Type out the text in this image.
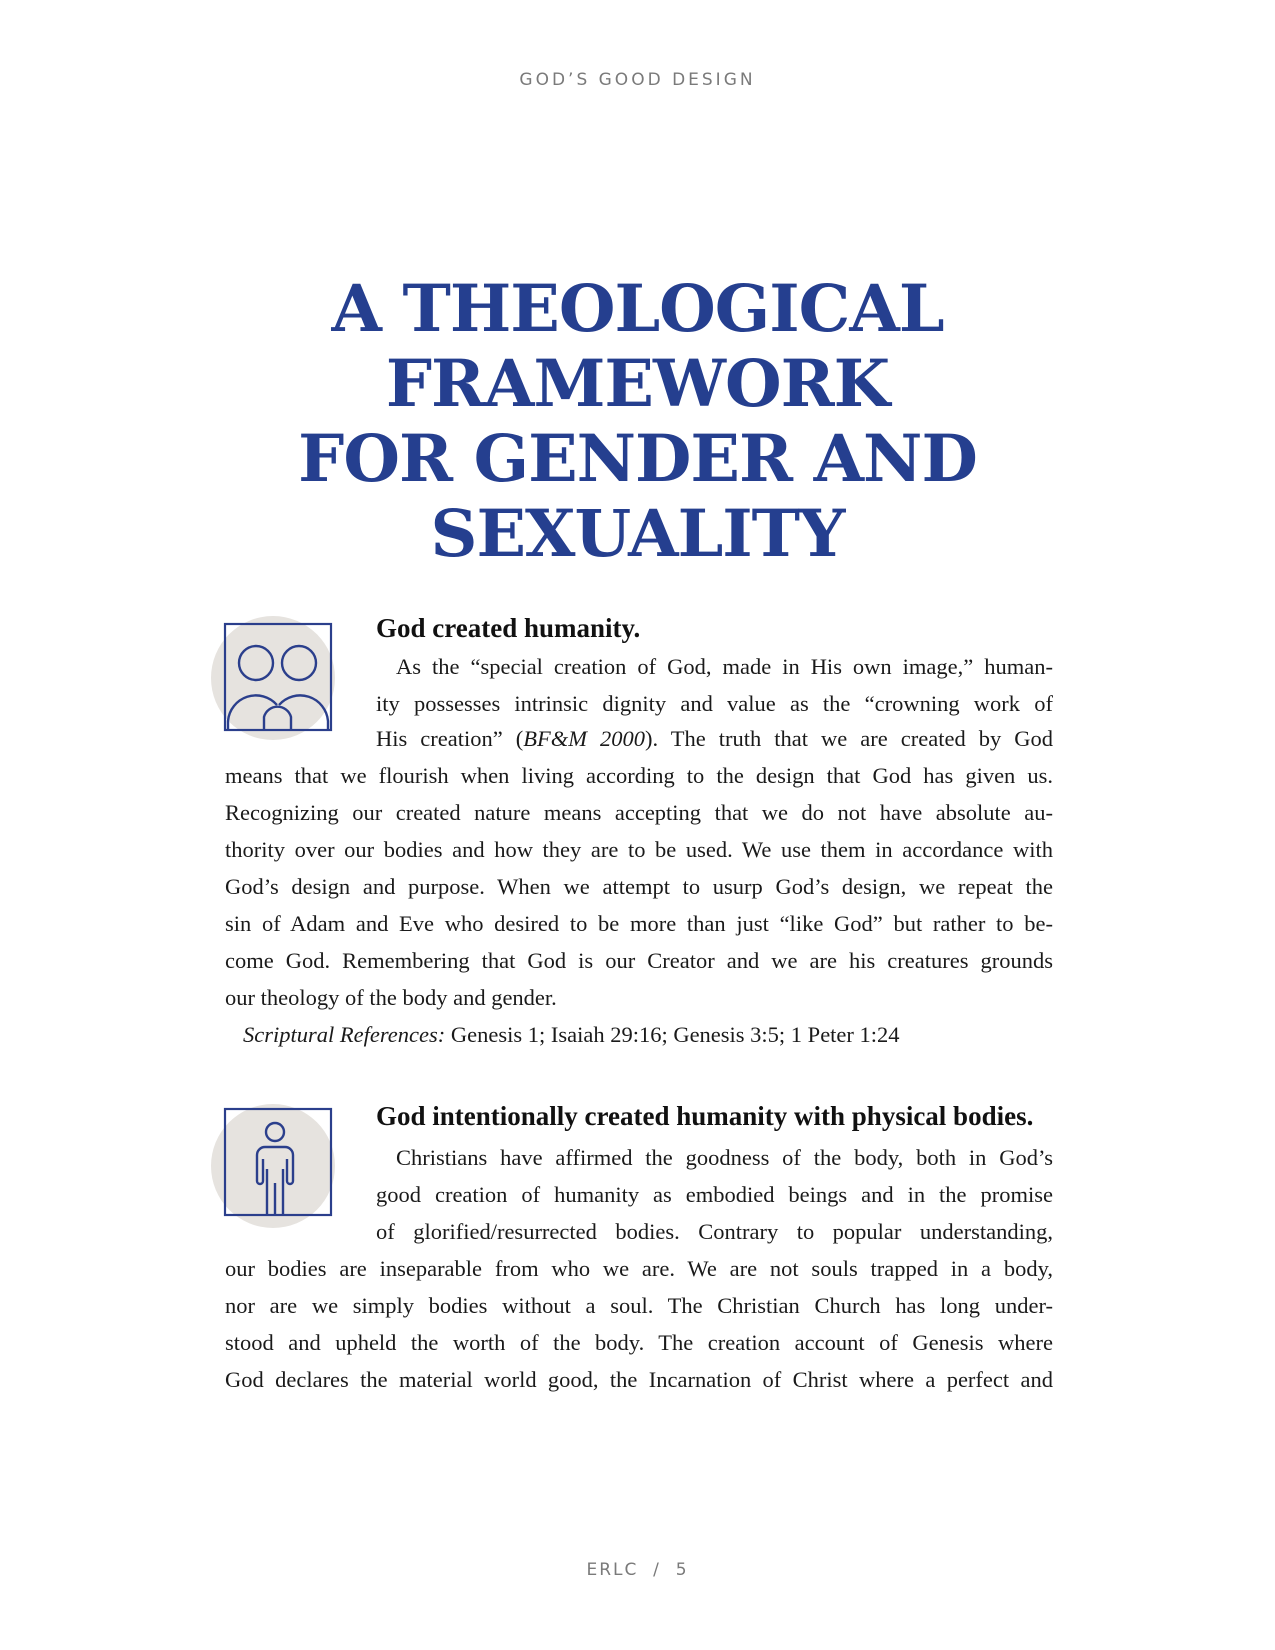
GOD’S GOOD DESIGN
A THEOLOGICAL
FRAMEWORK
FOR GENDER AND
SEXUALITY
God created humanity.
As the “special creation of God, made in His own image,” human-
ity possesses intrinsic dignity and value as the “crowning work of
His creation” (BF&M 2000). The truth that we are created by God
means that we flourish when living according to the design that God has given us.
Recognizing our created nature means accepting that we do not have absolute au-
thority over our bodies and how they are to be used. We use them in accordance with
God’s design and purpose. When we attempt to usurp God’s design, we repeat the
sin of Adam and Eve who desired to be more than just “like God” but rather to be-
come God. Remembering that God is our Creator and we are his creatures grounds
our theology of the body and gender.
Scriptural References: Genesis 1; Isaiah 29:16; Genesis 3:5; 1 Peter 1:24
God intentionally created humanity with physical bodies.
Christians have affirmed the goodness of the body, both in God’s
good creation of humanity as embodied beings and in the promise
of glorified/resurrected bodies. Contrary to popular understanding,
our bodies are inseparable from who we are. We are not souls trapped in a body,
nor are we simply bodies without a soul. The Christian Church has long under-
stood and upheld the worth of the body. The creation account of Genesis where
God declares the material world good, the Incarnation of Christ where a perfect and
ERLC  /  5
